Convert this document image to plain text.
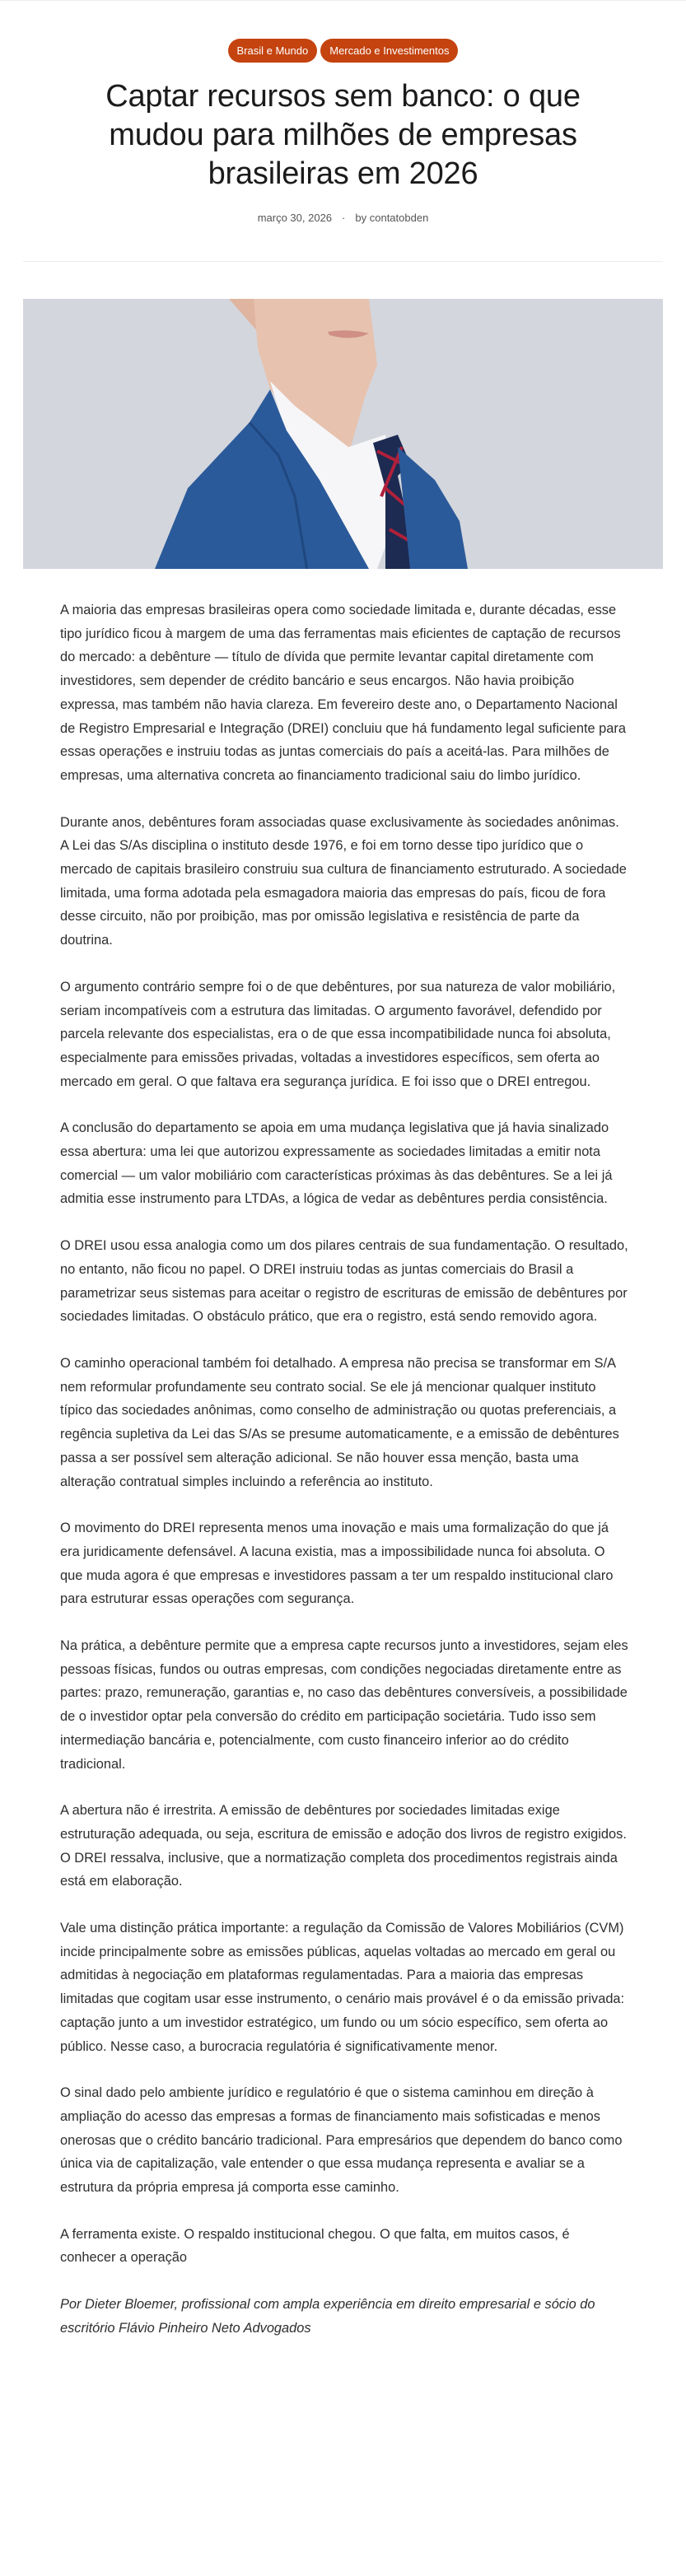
Brasil e Mundo	Mercado e Investimentos
Captar recursos sem banco: o que mudou para milhões de empresas brasileiras em 2026
março 30, 2026 · by contatobden

A maioria das empresas brasileiras opera como sociedade limitada e, durante décadas, esse tipo jurídico ficou à margem de uma das ferramentas mais eficientes de captação de recursos do mercado: a debênture — título de dívida que permite levantar capital diretamente com investidores, sem depender de crédito bancário e seus encargos. Não havia proibição expressa, mas também não havia clareza. Em fevereiro deste ano, o Departamento Nacional de Registro Empresarial e Integração (DREI) concluiu que há fundamento legal suficiente para essas operações e instruiu todas as juntas comerciais do país a aceitá-las. Para milhões de empresas, uma alternativa concreta ao financiamento tradicional saiu do limbo jurídico.

Durante anos, debêntures foram associadas quase exclusivamente às sociedades anônimas. A Lei das S/As disciplina o instituto desde 1976, e foi em torno desse tipo jurídico que o mercado de capitais brasileiro construiu sua cultura de financiamento estruturado. A sociedade limitada, uma forma adotada pela esmagadora maioria das empresas do país, ficou de fora desse circuito, não por proibição, mas por omissão legislativa e resistência de parte da doutrina.

O argumento contrário sempre foi o de que debêntures, por sua natureza de valor mobiliário, seriam incompatíveis com a estrutura das limitadas. O argumento favorável, defendido por parcela relevante dos especialistas, era o de que essa incompatibilidade nunca foi absoluta, especialmente para emissões privadas, voltadas a investidores específicos, sem oferta ao mercado em geral. O que faltava era segurança jurídica. E foi isso que o DREI entregou.

A conclusão do departamento se apoia em uma mudança legislativa que já havia sinalizado essa abertura: uma lei que autorizou expressamente as sociedades limitadas a emitir nota comercial — um valor mobiliário com características próximas às das debêntures. Se a lei já admitia esse instrumento para LTDAs, a lógica de vedar as debêntures perdia consistência.

O DREI usou essa analogia como um dos pilares centrais de sua fundamentação. O resultado, no entanto, não ficou no papel. O DREI instruiu todas as juntas comerciais do Brasil a parametrizar seus sistemas para aceitar o registro de escrituras de emissão de debêntures por sociedades limitadas. O obstáculo prático, que era o registro, está sendo removido agora.

O caminho operacional também foi detalhado. A empresa não precisa se transformar em S/A nem reformular profundamente seu contrato social. Se ele já mencionar qualquer instituto típico das sociedades anônimas, como conselho de administração ou quotas preferenciais, a regência supletiva da Lei das S/As se presume automaticamente, e a emissão de debêntures passa a ser possível sem alteração adicional. Se não houver essa menção, basta uma alteração contratual simples incluindo a referência ao instituto.

O movimento do DREI representa menos uma inovação e mais uma formalização do que já era juridicamente defensável. A lacuna existia, mas a impossibilidade nunca foi absoluta. O que muda agora é que empresas e investidores passam a ter um respaldo institucional claro para estruturar essas operações com segurança.

Na prática, a debênture permite que a empresa capte recursos junto a investidores, sejam eles pessoas físicas, fundos ou outras empresas, com condições negociadas diretamente entre as partes: prazo, remuneração, garantias e, no caso das debêntures conversíveis, a possibilidade de o investidor optar pela conversão do crédito em participação societária. Tudo isso sem intermediação bancária e, potencialmente, com custo financeiro inferior ao do crédito tradicional.

A abertura não é irrestrita. A emissão de debêntures por sociedades limitadas exige estruturação adequada, ou seja, escritura de emissão e adoção dos livros de registro exigidos. O DREI ressalva, inclusive, que a normatização completa dos procedimentos registrais ainda está em elaboração.

Vale uma distinção prática importante: a regulação da Comissão de Valores Mobiliários (CVM) incide principalmente sobre as emissões públicas, aquelas voltadas ao mercado em geral ou admitidas à negociação em plataformas regulamentadas. Para a maioria das empresas limitadas que cogitam usar esse instrumento, o cenário mais provável é o da emissão privada: captação junto a um investidor estratégico, um fundo ou um sócio específico, sem oferta ao público. Nesse caso, a burocracia regulatória é significativamente menor.

O sinal dado pelo ambiente jurídico e regulatório é que o sistema caminhou em direção à ampliação do acesso das empresas a formas de financiamento mais sofisticadas e menos onerosas que o crédito bancário tradicional. Para empresários que dependem do banco como única via de capitalização, vale entender o que essa mudança representa e avaliar se a estrutura da própria empresa já comporta esse caminho.

A ferramenta existe. O respaldo institucional chegou. O que falta, em muitos casos, é conhecer a operação

Por Dieter Bloemer, profissional com ampla experiência em direito empresarial e sócio do escritório Flávio Pinheiro Neto Advogados
